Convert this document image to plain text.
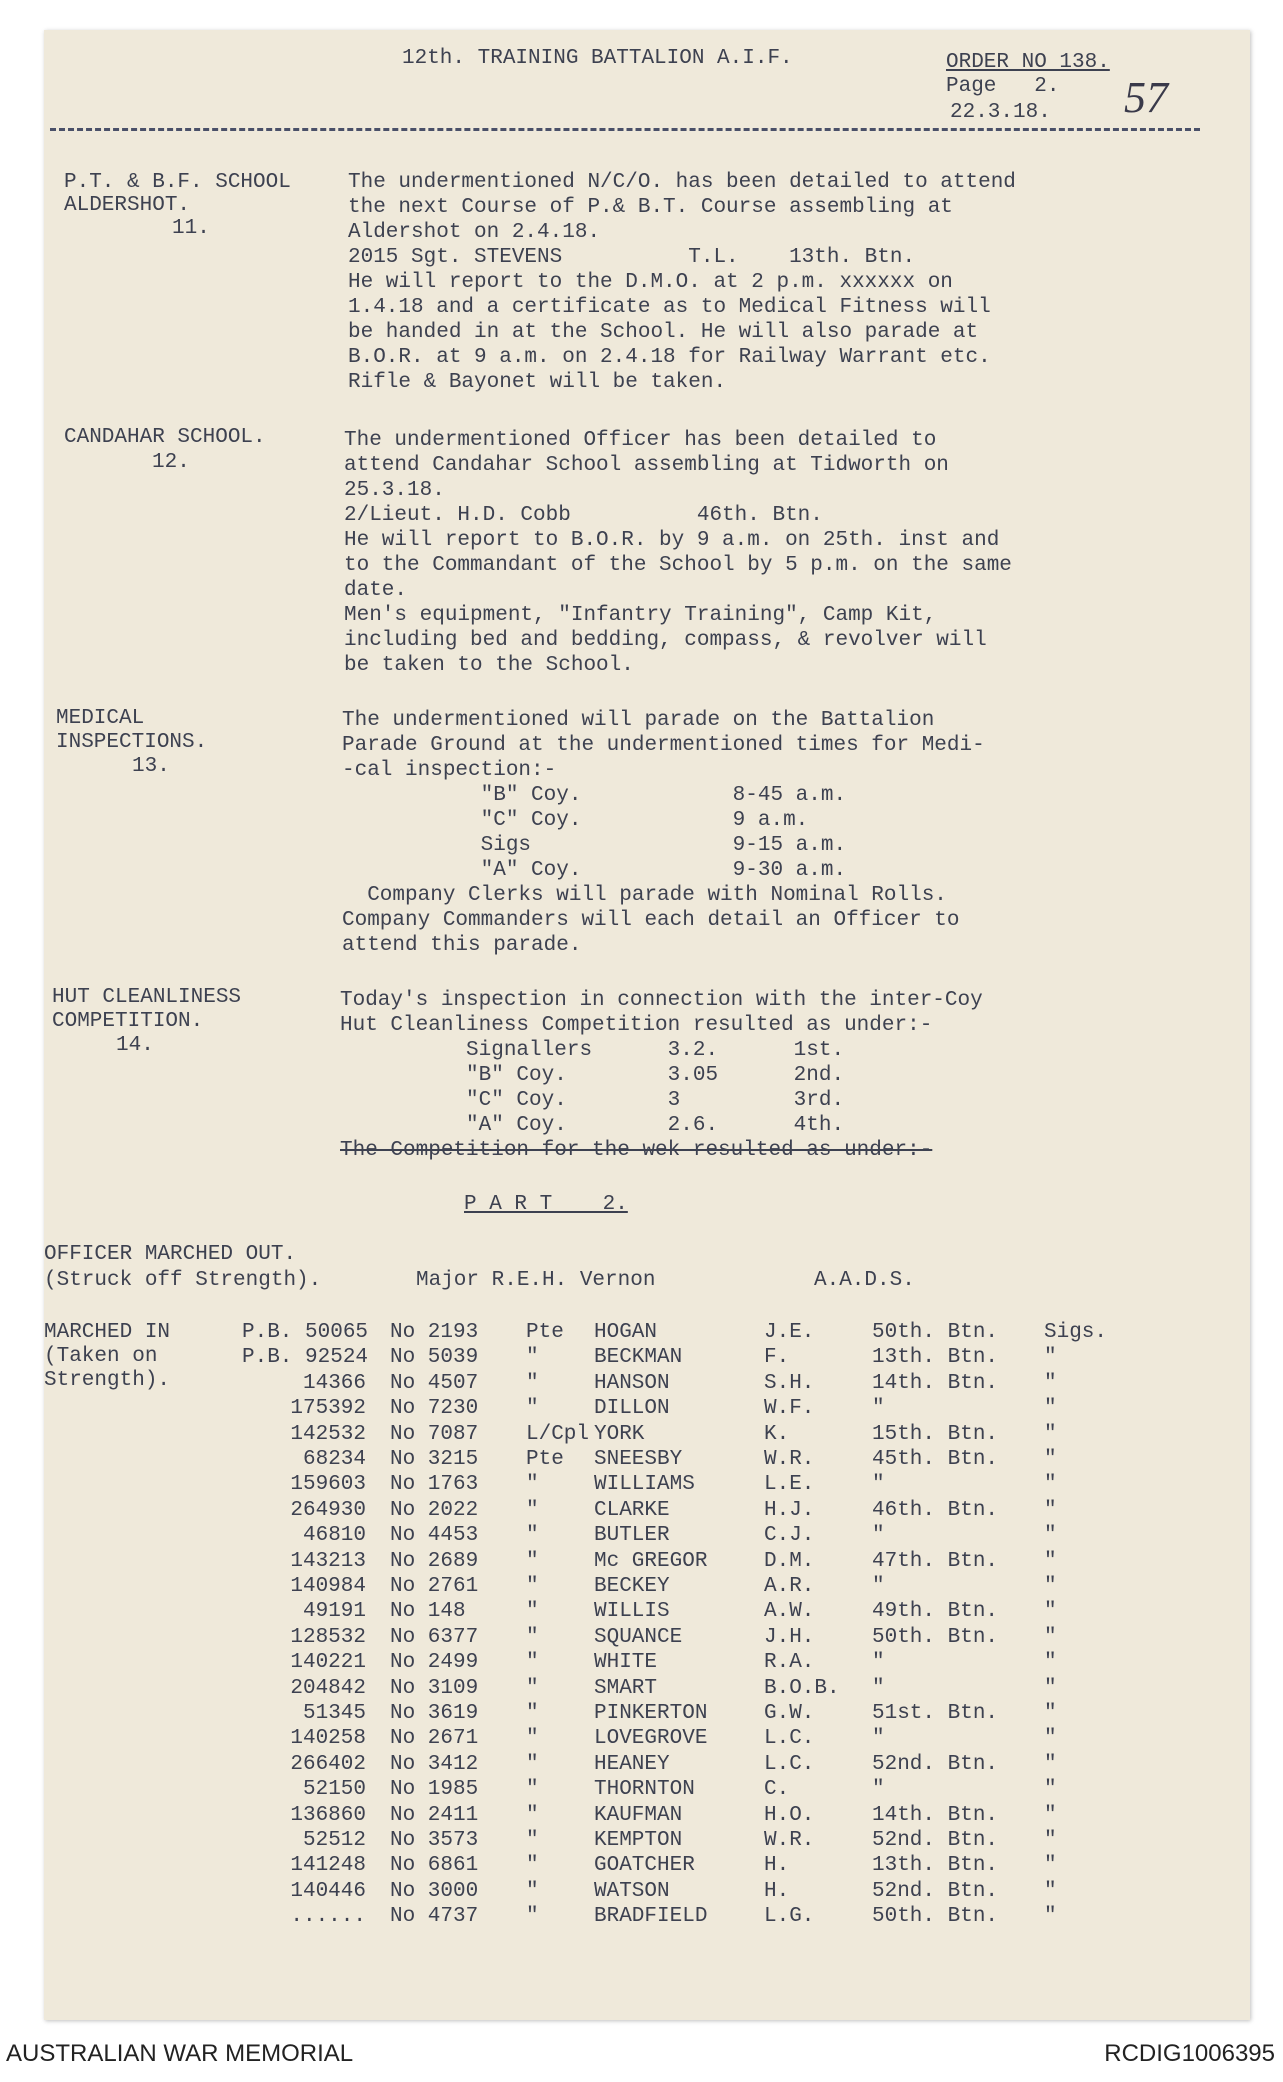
12th. TRAINING BATTALION A.I.F.	ORDER NO 138.
Page   2.
22.3.18. 57
P.T. & B.F. SCHOOL
ALDERSHOT.
11.
The undermentioned N/C/O. has been detailed to attend
the next Course of P.& B.T. Course assembling at
Aldershot on 2.4.18.
2015 Sgt. STEVENS          T.L.    13th. Btn.
He will report to the D.M.O. at 2 p.m. xxxxxx on
1.4.18 and a certificate as to Medical Fitness will
be handed in at the School. He will also parade at
B.O.R. at 9 a.m. on 2.4.18 for Railway Warrant etc.
Rifle & Bayonet will be taken.
CANDAHAR SCHOOL.
12.
The undermentioned Officer has been detailed to
attend Candahar School assembling at Tidworth on
25.3.18.
2/Lieut. H.D. Cobb          46th. Btn.
He will report to B.O.R. by 9 a.m. on 25th. inst and
to the Commandant of the School by 5 p.m. on the same
date.
Men's equipment, "Infantry Training", Camp Kit,
including bed and bedding, compass, & revolver will
be taken to the School.
MEDICAL
INSPECTIONS.
13.
The undermentioned will parade on the Battalion
Parade Ground at the undermentioned times for Medi-
-cal inspection:-
"B" Coy.            8-45 a.m.
"C" Coy.            9 a.m.
Sigs                9-15 a.m.
"A" Coy.            9-30 a.m.
Company Clerks will parade with Nominal Rolls.
Company Commanders will each detail an Officer to
attend this parade.
HUT CLEANLINESS
COMPETITION.
14.
Today's inspection in connection with the inter-Coy
Hut Cleanliness Competition resulted as under:-
Signallers      3.2.      1st.
"B" Coy.        3.05      2nd.
"C" Coy.        3         3rd.
"A" Coy.        2.6.      4th.
The Competition for the wek resulted as under:-
P A R T    2.
OFFICER MARCHED OUT.
(Struck off Strength).	Major R.E.H. Vernon	A.A.D.S.
MARCHED IN
(Taken on
Strength).
P.B. 50065 No 2193 Pte HOGAN	J.E.	50th. Btn. Sigs.
P.B. 92524 No 5039 "	BECKMAN	F.	13th. Btn. "
14366 No 4507 "	HANSON	S.H.	14th. Btn. "
175392 No 7230 "	DILLON	W.F.	"	"
142532 No 7087 L/Cpl YORK	K.	15th. Btn. "
68234 No 3215 Pte SNEESBY	W.R.	45th. Btn. "
159603 No 1763 "	WILLIAMS	L.E.	"	"
264930 No 2022 "	CLARKE	H.J.	46th. Btn. "
46810 No 4453 "	BUTLER	C.J.	"	"
143213 No 2689 "	Mc GREGOR	D.M.	47th. Btn. "
140984 No 2761 "	BECKEY	A.R.	"	"
49191 No 148	"	WILLIS	A.W.	49th. Btn. "
128532 No 6377 "	SQUANCE	J.H.	50th. Btn. "
140221 No 2499 "	WHITE	R.A.	"	"
204842 No 3109 "	SMART	B.O.B. "	"
51345 No 3619 "	PINKERTON	G.W.	51st. Btn. "
140258 No 2671 "	LOVEGROVE	L.C.	"	"
266402 No 3412 "	HEANEY	L.C.	52nd. Btn. "
52150 No 1985 "	THORNTON	C.	"	"
136860 No 2411 "	KAUFMAN	H.O.	14th. Btn. "
52512 No 3573 "	KEMPTON	W.R.	52nd. Btn. "
141248 No 6861 "	GOATCHER	H.	13th. Btn. "
140446 No 3000 "	WATSON	H.	52nd. Btn. "
...... No 4737 "	BRADFIELD	L.G.	50th. Btn. "
AUSTRALIAN WAR MEMORIAL	RCDIG1006395
